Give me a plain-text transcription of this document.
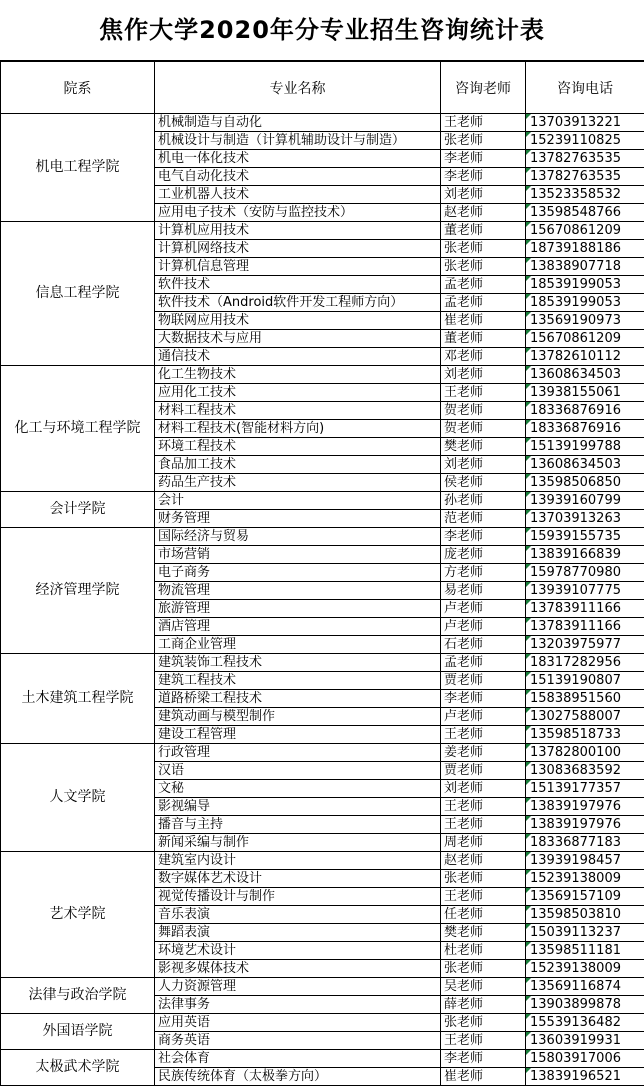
焦作大学2020年分专业招生咨询统计表
院系	专业名称	咨询老师	咨询电话
机电工程学院	机械制造与自动化	王老师	13703913221
	机械设计与制造（计算机辅助设计与制造）	张老师	15239110825
	机电一体化技术	李老师	13782763535
	电气自动化技术	李老师	13782763535
	工业机器人技术	刘老师	13523358532
	应用电子技术（安防与监控技术）	赵老师	13598548766
信息工程学院	计算机应用技术	董老师	15670861209
	计算机网络技术	张老师	18739188186
	计算机信息管理	张老师	13838907718
	软件技术	孟老师	18539199053
	软件技术（Android软件开发工程师方向）	孟老师	18539199053
	物联网应用技术	崔老师	13569190973
	大数据技术与应用	董老师	15670861209
	通信技术	邓老师	13782610112
化工与环境工程学院	化工生物技术	刘老师	13608634503
	应用化工技术	王老师	13938155061
	材料工程技术	贺老师	18336876916
	材料工程技术(智能材料方向)	贺老师	18336876916
	环境工程技术	樊老师	15139199788
	食品加工技术	刘老师	13608634503
	药品生产技术	侯老师	13598506850
会计学院	会计	孙老师	13939160799
	财务管理	范老师	13703913263
经济管理学院	国际经济与贸易	李老师	15939155735
	市场营销	庞老师	13839166839
	电子商务	方老师	15978770980
	物流管理	易老师	13939107775
	旅游管理	卢老师	13783911166
	酒店管理	卢老师	13783911166
	工商企业管理	石老师	13203975977
土木建筑工程学院	建筑装饰工程技术	孟老师	18317282956
	建筑工程技术	贾老师	15139190807
	道路桥梁工程技术	李老师	15838951560
	建筑动画与模型制作	卢老师	13027588007
	建设工程管理	王老师	13598518733
人文学院	行政管理	姜老师	13782800100
	汉语	贾老师	13083683592
	文秘	刘老师	15139177357
	影视编导	王老师	13839197976
	播音与主持	王老师	13839197976
	新闻采编与制作	周老师	18336877183
艺术学院	建筑室内设计	赵老师	13939198457
	数字媒体艺术设计	张老师	15239138009
	视觉传播设计与制作	王老师	13569157109
	音乐表演	任老师	13598503810
	舞蹈表演	樊老师	15039113237
	环境艺术设计	杜老师	13598511181
	影视多媒体技术	张老师	15239138009
法律与政治学院	人力资源管理	吴老师	13569116874
	法律事务	薛老师	13903899878
外国语学院	应用英语	张老师	15539136482
	商务英语	王老师	13603919931
太极武术学院	社会体育	李老师	15803917006
	民族传统体育（太极拳方向）	崔老师	13839196521
